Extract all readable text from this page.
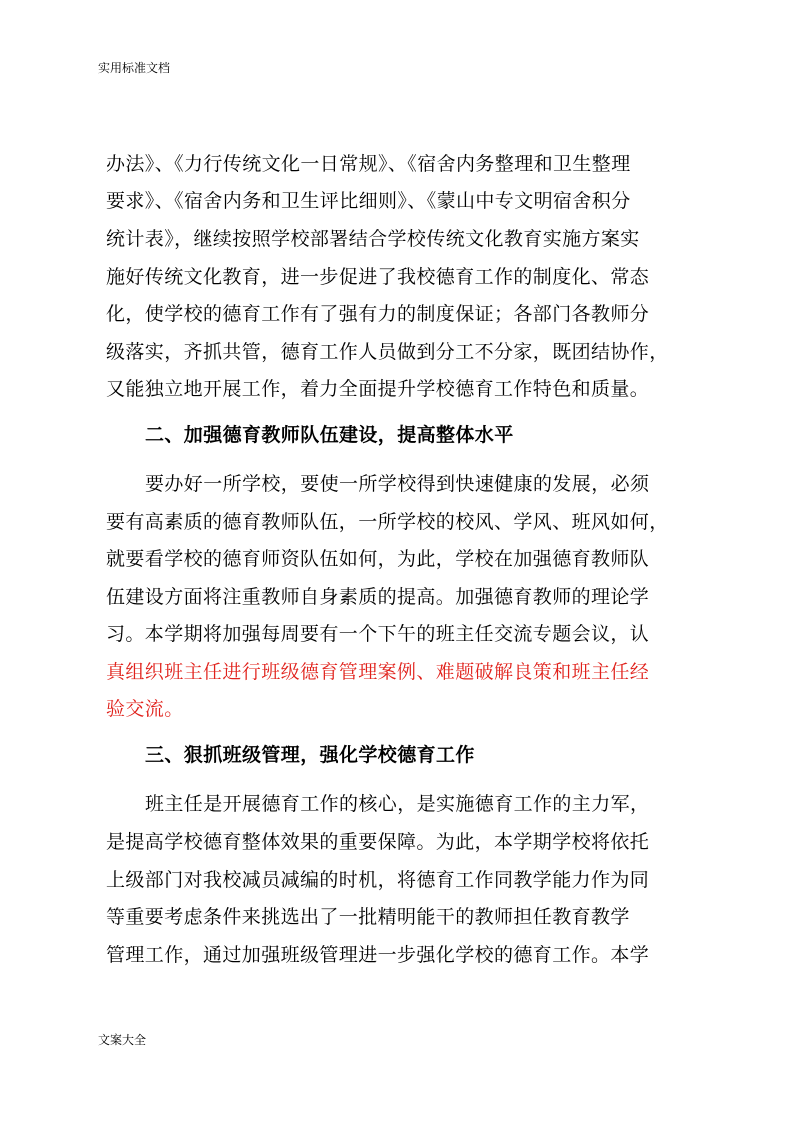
实用标准文档
办法》、《力行传统文化一日常规》、《宿舍内务整理和卫生整理
要求》、《宿舍内务和卫生评比细则》、《蒙山中专文明宿舍积分
统计表》，继续按照学校部署结合学校传统文化教育实施方案实
施好传统文化教育，进一步促进了我校德育工作的制度化、常态
化，使学校的德育工作有了强有力的制度保证；各部门各教师分
级落实，齐抓共管，德育工作人员做到分工不分家，既团结协作，
又能独立地开展工作，着力全面提升学校德育工作特色和质量。
二、加强德育教师队伍建设，提高整体水平
要办好一所学校，要使一所学校得到快速健康的发展，必须
要有高素质的德育教师队伍，一所学校的校风、学风、班风如何，
就要看学校的德育师资队伍如何，为此，学校在加强德育教师队
伍建设方面将注重教师自身素质的提高。加强德育教师的理论学
习。本学期将加强每周要有一个下午的班主任交流专题会议，认
真组织班主任进行班级德育管理案例、难题破解良策和班主任经
验交流。
三、狠抓班级管理，强化学校德育工作
班主任是开展德育工作的核心，是实施德育工作的主力军，
是提高学校德育整体效果的重要保障。为此，本学期学校将依托
上级部门对我校减员减编的时机，将德育工作同教学能力作为同
等重要考虑条件来挑选出了一批精明能干的教师担任教育教学
管理工作，通过加强班级管理进一步强化学校的德育工作。本学
文案大全
